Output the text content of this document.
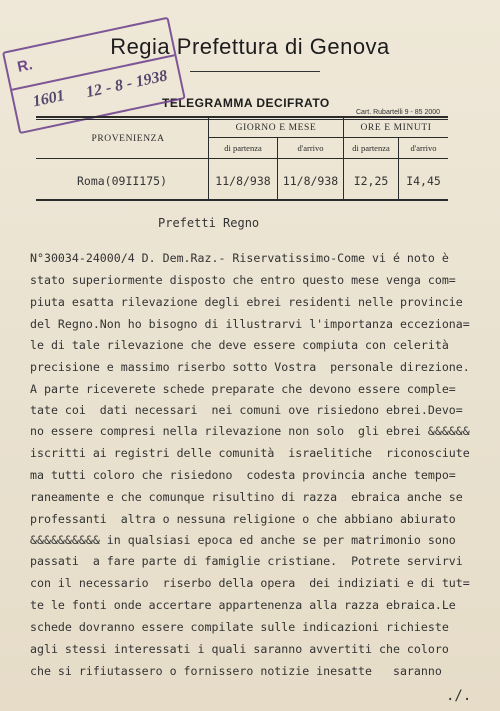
Regia Prefettura di Genova
TELEGRAMMA DECIFRATO
Cart. Rubartelli 9 - 85 2000
R.
1601 12 - 8 - 1938
PROVENIENZA
GIORNO E MESE	ORE E MINUTI
di partenza	d'arrivo	di partenza	d'arrivo
Roma(09II175)	11/8/938	11/8/938	I2,25	I4,45
Prefetti Regno
N°30034-24000/4 D. Dem.Raz.- Riservatissimo-Come vi é noto è
stato superiormente disposto che entro questo mese venga com=
piuta esatta rilevazione degli ebrei residenti nelle provincie
del Regno.Non ho bisogno di illustrarvi l'importanza ecceziona=
le di tale rilevazione che deve essere compiuta con celerità
precisione e massimo riserbo sotto Vostra  personale direzione.
A parte riceverete schede preparate che devono essere comple=
tate coi  dati necessari  nei comuni ove risiedono ebrei.Devo=
no essere compresi nella rilevazione non solo  gli ebrei &&&&&&
iscritti ai registri delle comunità  israelitiche  riconosciute
ma tutti coloro che risiedono  codesta provincia anche tempo=
raneamente e che comunque risultino di razza  ebraica anche se
professanti  altra o nessuna religione o che abbiano abiurato
&&&&&&&&&& in qualsiasi epoca ed anche se per matrimonio sono
passati  a fare parte di famiglie cristiane.  Potrete servirvi
con il necessario  riserbo della opera  dei indiziati e di tut=
te le fonti onde accertare appartenenza alla razza ebraica.Le
schede dovranno essere compilate sulle indicazioni richieste
agli stessi interessati i quali saranno avvertiti che coloro
che si rifiutassero o fornissero notizie inesatte   saranno
./.
